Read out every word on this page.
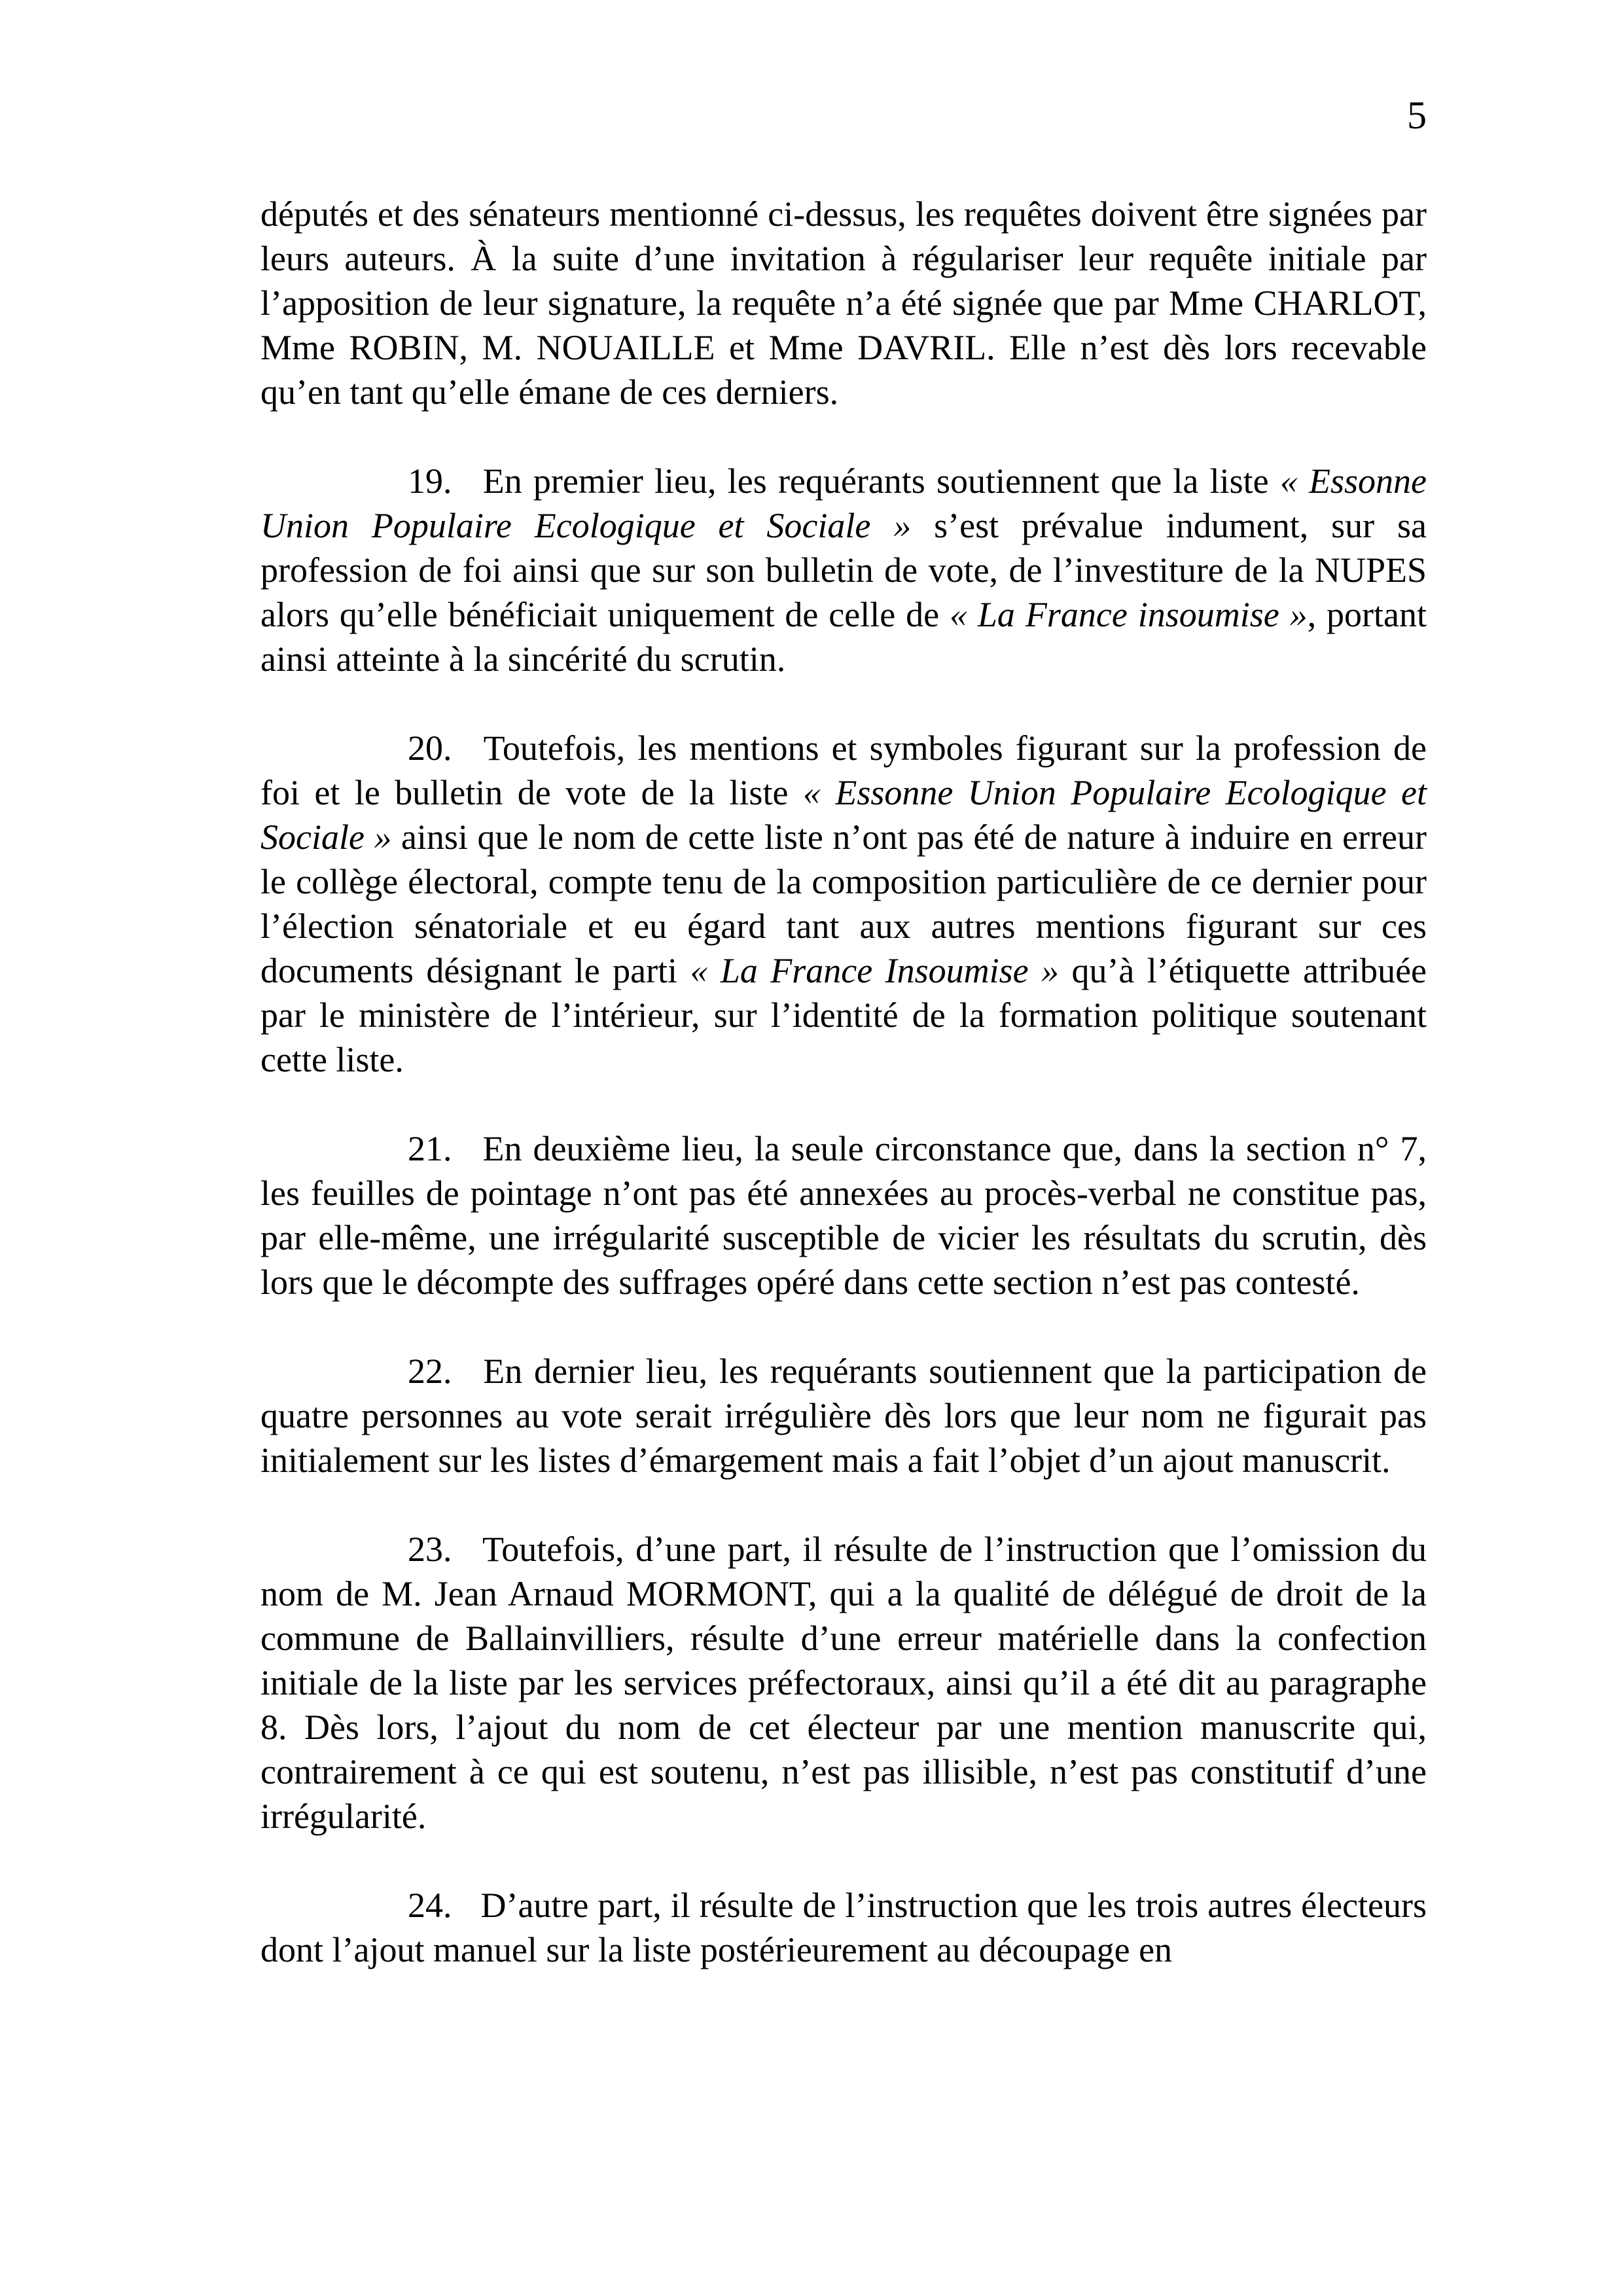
5

députés et des sénateurs mentionné ci-dessus, les requêtes doivent être signées par leurs auteurs. À la suite d’une invitation à régulariser leur requête initiale par l’apposition de leur signature, la requête n’a été signée que par Mme CHARLOT, Mme ROBIN, M. NOUAILLE et Mme DAVRIL. Elle n’est dès lors recevable qu’en tant qu’elle émane de ces derniers.

19. En premier lieu, les requérants soutiennent que la liste « Essonne Union Populaire Ecologique et Sociale » s’est prévalue indument, sur sa profession de foi ainsi que sur son bulletin de vote, de l’investiture de la NUPES alors qu’elle bénéficiait uniquement de celle de « La France insoumise », portant ainsi atteinte à la sincérité du scrutin.

20. Toutefois, les mentions et symboles figurant sur la profession de foi et le bulletin de vote de la liste « Essonne Union Populaire Ecologique et Sociale » ainsi que le nom de cette liste n’ont pas été de nature à induire en erreur le collège électoral, compte tenu de la composition particulière de ce dernier pour l’élection sénatoriale et eu égard tant aux autres mentions figurant sur ces documents désignant le parti « La France Insoumise » qu’à l’étiquette attribuée par le ministère de l’intérieur, sur l’identité de la formation politique soutenant cette liste.

21. En deuxième lieu, la seule circonstance que, dans la section n° 7, les feuilles de pointage n’ont pas été annexées au procès-verbal ne constitue pas, par elle-même, une irrégularité susceptible de vicier les résultats du scrutin, dès lors que le décompte des suffrages opéré dans cette section n’est pas contesté.

22. En dernier lieu, les requérants soutiennent que la participation de quatre personnes au vote serait irrégulière dès lors que leur nom ne figurait pas initialement sur les listes d’émargement mais a fait l’objet d’un ajout manuscrit.

23. Toutefois, d’une part, il résulte de l’instruction que l’omission du nom de M. Jean Arnaud MORMONT, qui a la qualité de délégué de droit de la commune de Ballainvilliers, résulte d’une erreur matérielle dans la confection initiale de la liste par les services préfectoraux, ainsi qu’il a été dit au paragraphe 8. Dès lors, l’ajout du nom de cet électeur par une mention manuscrite qui, contrairement à ce qui est soutenu, n’est pas illisible, n’est pas constitutif d’une irrégularité.

24. D’autre part, il résulte de l’instruction que les trois autres électeurs dont l’ajout manuel sur la liste postérieurement au découpage en
